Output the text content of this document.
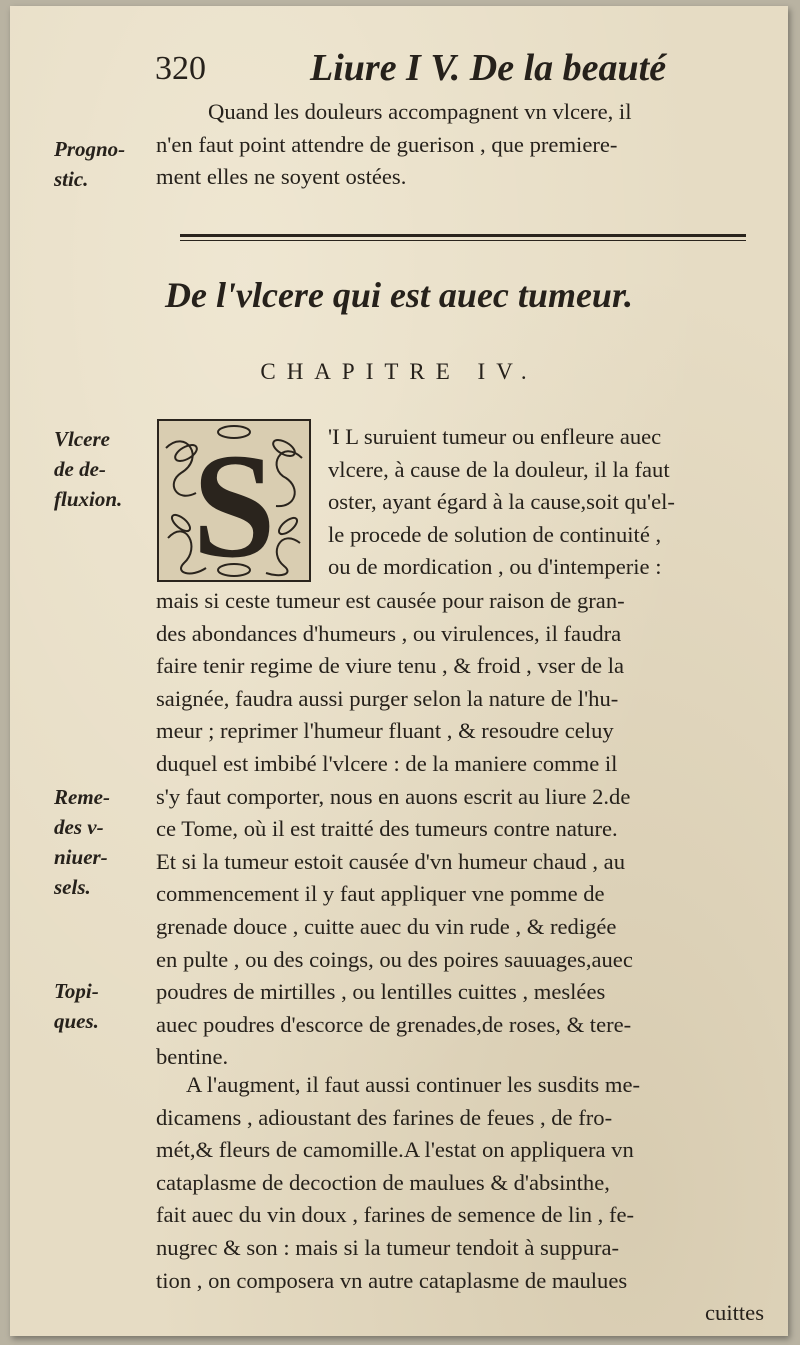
320	Liure I V. De la beauté
Progno-
stic.
Quand les douleurs accompagnent vn vlcere, il
n'en faut point attendre de guerison , que premiere-
ment elles ne soyent ostées.
De l'vlcere qui est auec tumeur.
CHAPITRE IV.
Vlcere
de de-
fluxion. S 'I L suruient tumeur ou enfleure auec
vlcere, à cause de la douleur, il la faut
oster, ayant égard à la cause,soit qu'el-
le procede de solution de continuité ,
ou de mordication , ou d'intemperie :
mais si ceste tumeur est causée pour raison de gran-
des abondances d'humeurs , ou virulences, il faudra
faire tenir regime de viure tenu , & froid , vser de la
saignée, faudra aussi purger selon la nature de l'hu-
meur ; reprimer l'humeur fluant , & resoudre celuy
duquel est imbibé l'vlcere : de la maniere comme il
s'y faut comporter, nous en auons escrit au liure 2.de
ce Tome, où il est traitté des tumeurs contre nature.
Et si la tumeur estoit causée d'vn humeur chaud , au
commencement il y faut appliquer vne pomme de
grenade douce , cuitte auec du vin rude , & redigée
en pulte , ou des coings, ou des poires sauuages,auec
poudres de mirtilles , ou lentilles cuittes , meslées
auec poudres d'escorce de grenades,de roses, & tere-
bentine.
Reme-
des v-
niuer-
sels.
Topi-
ques.
A l'augment, il faut aussi continuer les susdits me-
dicamens , adioustant des farines de feues , de fro-
mét,& fleurs de camomille.A l'estat on appliquera vn
cataplasme de decoction de maulues & d'absinthe,
fait auec du vin doux , farines de semence de lin , fe-
nugrec & son : mais si la tumeur tendoit à suppura-
tion , on composera vn autre cataplasme de maulues
cuittes
